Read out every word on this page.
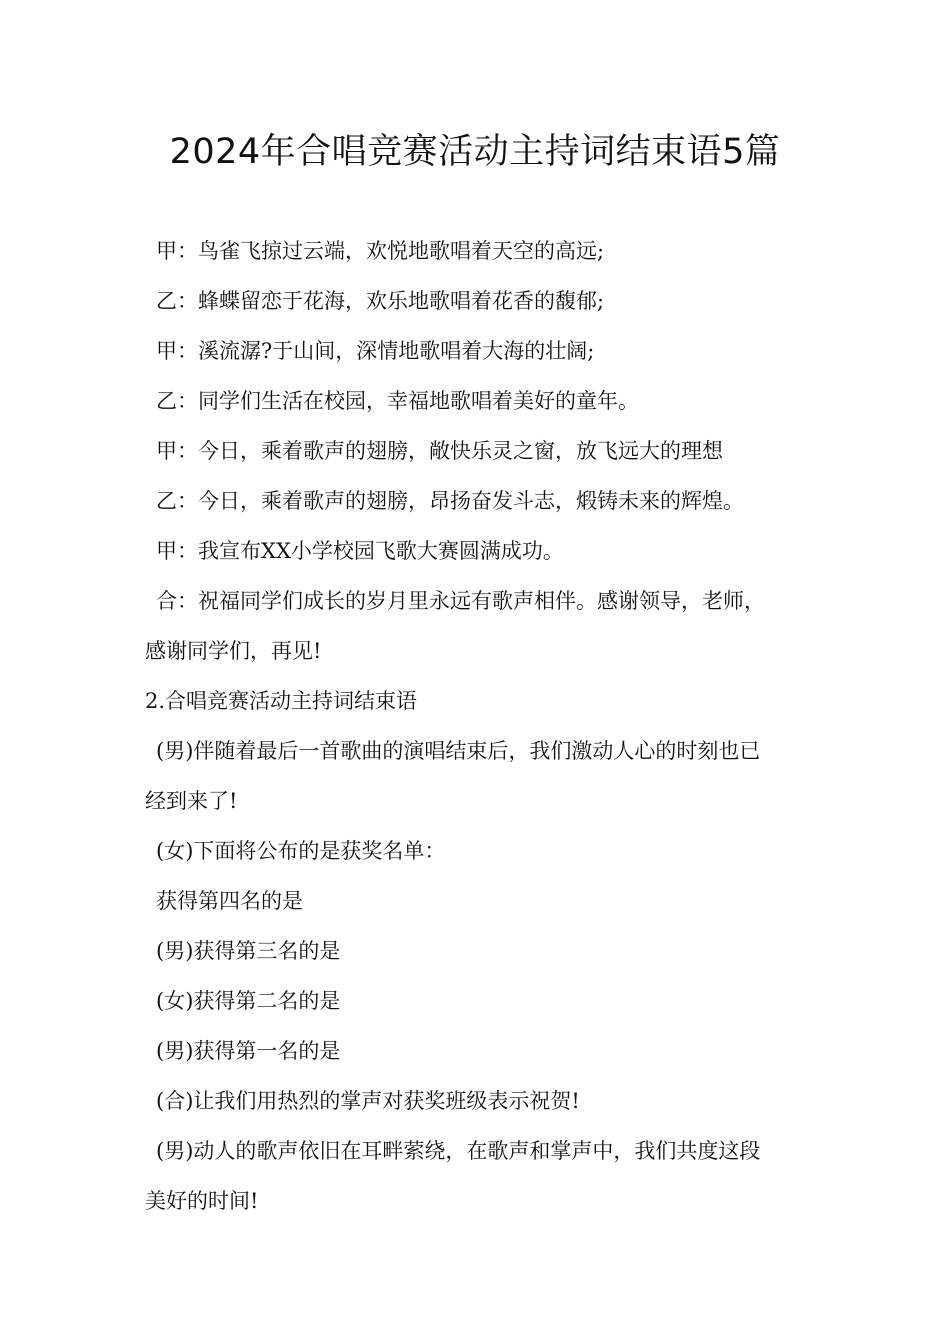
2024年合唱竞赛活动主持词结束语5篇

甲：鸟雀飞掠过云端，欢悦地歌唱着天空的高远;

乙：蜂蝶留恋于花海，欢乐地歌唱着花香的馥郁;

甲：溪流潺?于山间，深情地歌唱着大海的壮阔;

乙：同学们生活在校园，幸福地歌唱着美好的童年。

甲：今日，乘着歌声的翅膀，敞快乐灵之窗，放飞远大的理想

乙：今日，乘着歌声的翅膀，昂扬奋发斗志，煅铸未来的辉煌。

甲：我宣布XX小学校园飞歌大赛圆满成功。

合：祝福同学们成长的岁月里永远有歌声相伴。感谢领导，老师，

感谢同学们，再见!

2.合唱竞赛活动主持词结束语

(男)伴随着最后一首歌曲的演唱结束后，我们激动人心的时刻也已

经到来了!

(女)下面将公布的是获奖名单：

获得第四名的是

(男)获得第三名的是

(女)获得第二名的是

(男)获得第一名的是

(合)让我们用热烈的掌声对获奖班级表示祝贺!

(男)动人的歌声依旧在耳畔萦绕，在歌声和掌声中，我们共度这段

美好的时间!
